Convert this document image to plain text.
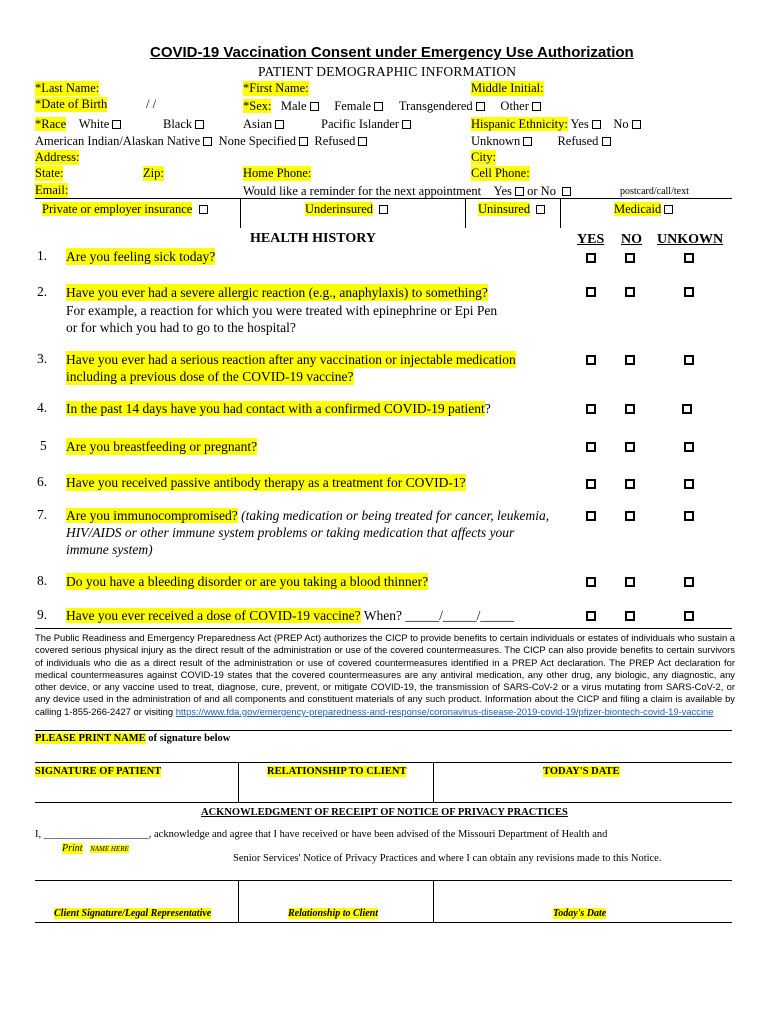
COVID-19 Vaccination Consent under Emergency Use Authorization
PATIENT DEMOGRAPHIC INFORMATION
*Last Name:	*First Name:	Middle Initial:
*Date of Birth	/ /	*Sex: Male Female Transgendered Other
*Race White	Black	Asian	Pacific Islander	Hispanic Ethnicity: Yes No
American Indian/Alaskan Native None Specified Refused	Unknown	Refused
Address:	City:
State:	Zip:	Home Phone:	Cell Phone:
Email:	Would like a reminder for the next appointment Yes or No	postcard/call/text
Private or employer insurance	Underinsured	Uninsured	Medicaid
HEALTH HISTORY	YES NO UNKOWN
1. Are you feeling sick today?
2. Have you ever had a severe allergic reaction (e.g., anaphylaxis) to something?
For example, a reaction for which you were treated with epinephrine or Epi Pen
or for which you had to go to the hospital?
3. Have you ever had a serious reaction after any vaccination or injectable medication
including a previous dose of the COVID-19 vaccine?
4. In the past 14 days have you had contact with a confirmed COVID-19 patient?
5 Are you breastfeeding or pregnant?
6. Have you received passive antibody therapy as a treatment for COVID-1?
7. Are you immunocompromised? (taking medication or being treated for cancer, leukemia,
HIV/AIDS or other immune system problems or taking medication that affects your
immune system)
8. Do you have a bleeding disorder or are you taking a blood thinner?
9. Have you ever received a dose of COVID-19 vaccine? When? _____/_____/_____
The Public Readiness and Emergency Preparedness Act (PREP Act) authorizes the CICP to provide benefits to certain individuals or estates of individuals who sustain a covered serious physical injury as the direct result of the administration or use of the covered countermeasures. The CICP can also provide benefits to certain survivors of individuals who die as a direct result of the administration or use of covered countermeasures identified in a PREP Act declaration. The PREP Act declaration for medical countermeasures against COVID-19 states that the covered countermeasures are any antiviral medication, any other drug, any biologic, any diagnostic, any other device, or any vaccine used to treat, diagnose, cure, prevent, or mitigate COVID-19, the transmission of SARS-CoV-2 or a virus mutating from SARS-CoV-2, or any device used in the administration of and all components and constituent materials of any such product. Information about the CICP and filing a claim is available by calling 1-855-266-2427 or visiting https://www.fda.gov/emergency-preparedness-and-response/coronavirus-disease-2019-covid-19/pfizer-biontech-covid-19-vaccine
PLEASE PRINT NAME of signature below
SIGNATURE OF PATIENT	RELATIONSHIP TO CLIENT	TODAY'S DATE
ACKNOWLEDGMENT OF RECEIPT OF NOTICE OF PRIVACY PRACTICES
I, ____________________, acknowledge and agree that I have received or have been advised of the Missouri Department of Health and
Print NAME HERE
Senior Services' Notice of Privacy Practices and where I can obtain any revisions made to this Notice.
Client Signature/Legal Representative	Relationship to Client	Today's Date
